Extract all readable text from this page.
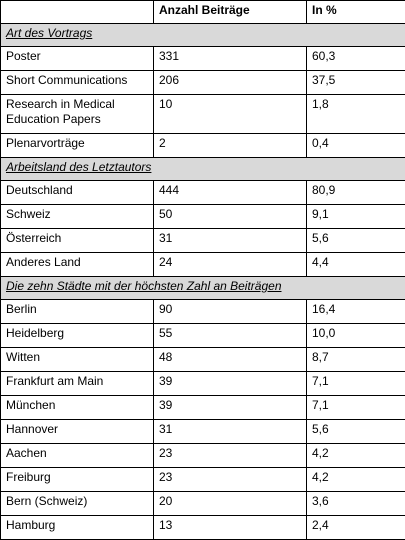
	Anzahl Beiträge	In %
Art des Vortrags		
Poster	331	60,3
Short Communications	206	37,5
Research in Medical Education Papers	10	1,8
Plenarvorträge	2	0,4
Arbeitsland des Letztautors		
Deutschland	444	80,9
Schweiz	50	9,1
Österreich	31	5,6
Anderes Land	24	4,4
Die zehn Städte mit der höchsten Zahl an Beiträgen		
Berlin	90	16,4
Heidelberg	55	10,0
Witten	48	8,7
Frankfurt am Main	39	7,1
München	39	7,1
Hannover	31	5,6
Aachen	23	4,2
Freiburg	23	4,2
Bern (Schweiz)	20	3,6
Hamburg	13	2,4
